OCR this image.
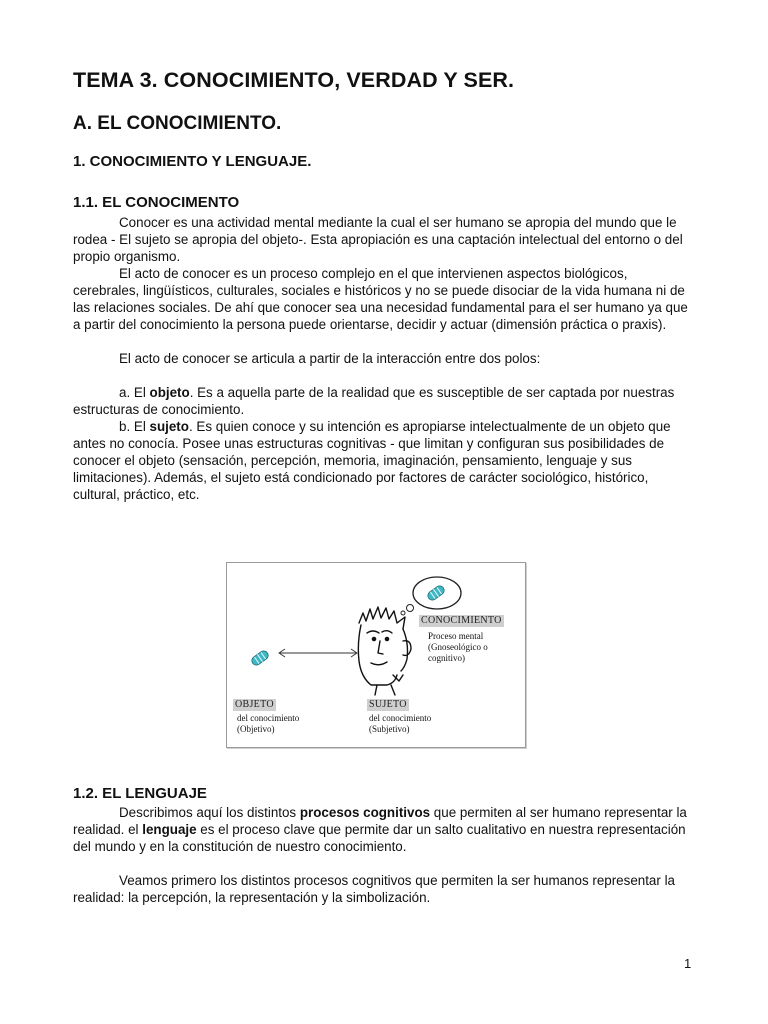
TEMA 3. CONOCIMIENTO, VERDAD Y SER.
A. EL CONOCIMIENTO.
1. CONOCIMIENTO Y LENGUAJE.
1.1. EL CONOCIMENTO

Conocer es una actividad mental mediante la cual el ser humano se apropia del mundo que le rodea - El sujeto se apropia del objeto-. Esta apropiación es una captación intelectual del entorno o del propio organismo.

El acto de conocer es un proceso complejo en el que intervienen aspectos biológicos, cerebrales, lingüísticos, culturales, sociales e históricos y no se puede disociar de la vida humana ni de las relaciones sociales. De ahí que conocer sea una necesidad fundamental para el ser humano ya que a partir del conocimiento la persona puede orientarse, decidir y actuar (dimensión práctica o praxis).

El acto de conocer se articula a partir de la interacción entre dos polos:

a. El objeto. Es a aquella parte de la realidad que es susceptible de ser captada por nuestras estructuras de conocimiento.

b. El sujeto. Es quien conoce y su intención es apropiarse intelectualmente de un objeto que antes no conocía. Posee unas estructuras cognitivas - que limitan y configuran sus posibilidades de conocer el objeto (sensación, percepción, memoria, imaginación, pensamiento, lenguaje y sus limitaciones). Además, el sujeto está condicionado por factores de carácter sociológico, histórico, cultural, práctico, etc.

1.2. EL LENGUAJE

Describimos aquí los distintos procesos cognitivos que permiten al ser humano representar la realidad. el lenguaje es el proceso clave que permite dar un salto cualitativo en nuestra representación del mundo y en la constitución de nuestro conocimiento.

Veamos primero los distintos procesos cognitivos que permiten la ser humanos representar la realidad: la percepción, la representación y la simbolización.

CONOCIMIENTO
Proceso mental
(Gnoseológico o
cognitivo)
OBJETO
del conocimiento
(Objetivo)
SUJETO
del conocimiento
(Subjetivo)
1
